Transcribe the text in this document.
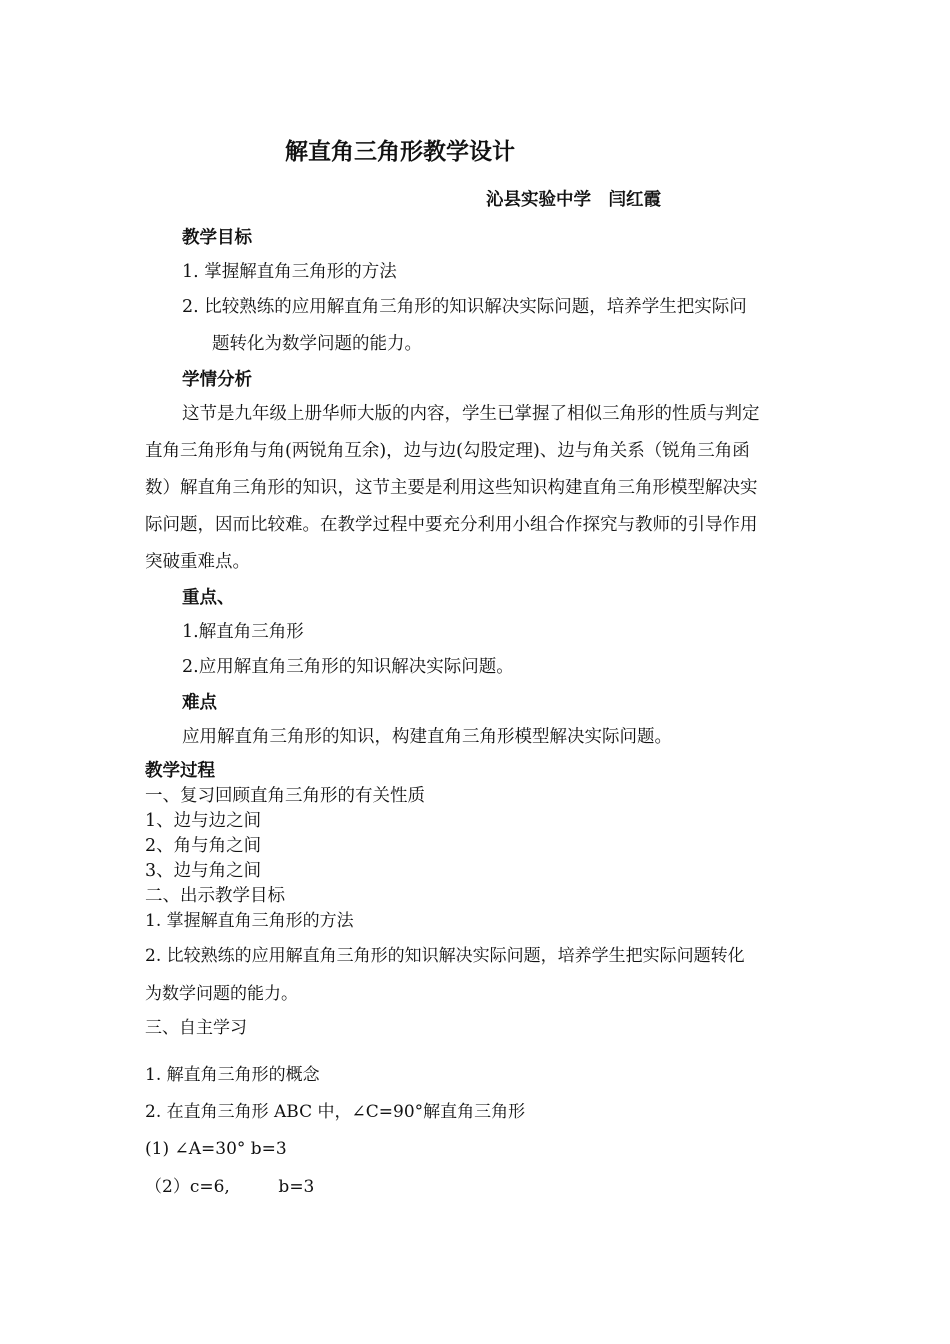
解直角三角形教学设计
沁县实验中学　闫红霞
教学目标
1. 掌握解直角三角形的方法
2. 比较熟练的应用解直角三角形的知识解决实际问题，培养学生把实际问
题转化为数学问题的能力。
学情分析
这节是九年级上册华师大版的内容，学生已掌握了相似三角形的性质与判定
直角三角形角与角(两锐角互余)，边与边(勾股定理)、边与角关系（锐角三角函
数）解直角三角形的知识，这节主要是利用这些知识构建直角三角形模型解决实
际问题，因而比较难。在教学过程中要充分利用小组合作探究与教师的引导作用
突破重难点。
重点、
1.解直角三角形
2.应用解直角三角形的知识解决实际问题。
难点
应用解直角三角形的知识，构建直角三角形模型解决实际问题。
教学过程
一、复习回顾直角三角形的有关性质
1、边与边之间
2、角与角之间
3、边与角之间
二、出示教学目标
1. 掌握解直角三角形的方法
2. 比较熟练的应用解直角三角形的知识解决实际问题，培养学生把实际问题转化
为数学问题的能力。
三、自主学习
1. 解直角三角形的概念
2. 在直角三角形 ABC 中，∠C=90°解直角三角形
(1) ∠A=30° b=3
（2）c=6,         b=3
